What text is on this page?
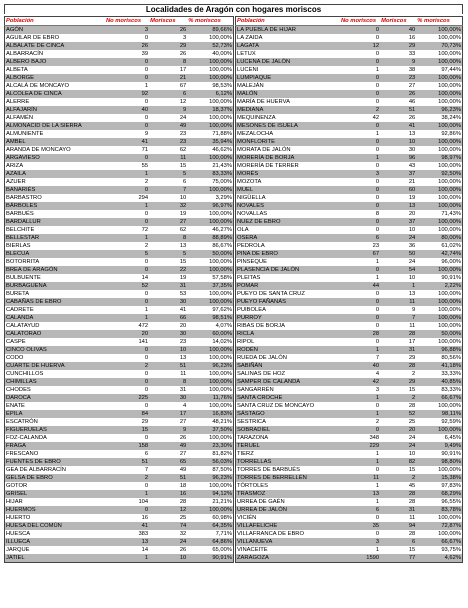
Localidades de Aragón con hogares moriscos
Población	No moriscos	Moriscos	% moriscos
AGÓN	3	26	89,66%
AGUILAR DE EBRO	0	3	100,00%
ALBALATE DE CINCA	26	29	52,73%
ALBARRACÍN	39	26	40,00%
ALBERO BAJO	0	8	100,00%
ALBETA	0	17	100,00%
ALBORGE	0	21	100,00%
ALCALÁ DE MONCAYO	1	67	98,53%
ALCOLEA DE CINCA	92	6	6,12%
ALERRE	0	12	100,00%
ALFAJARÍN	40	9	18,37%
ALFAMÉN	0	24	100,00%
ALMONACID DE LA SIERRA	0	49	100,00%
ALMUNIENTE	9	23	71,88%
AMBEL	41	23	35,94%
ARANDA DE MONCAYO	71	62	46,62%
ARGAVIESO	0	11	100,00%
ARIZA	55	15	21,43%
AZAILA	1	5	83,33%
AZUER	2	6	75,00%
BANARIÉS	0	7	100,00%
BARBASTRO	294	10	3,29%
BÁRBOLES	1	32	96,97%
BARBUÉS	0	19	100,00%
BARDALLUR	0	27	100,00%
BELCHITE	72	62	46,27%
BELLESTAR	1	8	88,89%
BIERLAS	2	13	86,67%
BLECUA	5	5	50,00%
BOTORRITA	0	15	100,00%
BREA DE ARAGÓN	0	22	100,00%
BULBUENTE	14	19	57,58%
BURBAGUENA	52	31	37,35%
BURETA	0	53	100,00%
CABAÑAS DE EBRO	0	30	100,00%
CADRETE	1	41	97,62%
CALANDA	1	66	98,51%
CALATAYUD	472	20	4,07%
CALATORAO	20	30	60,00%
CASPE	141	23	14,02%
CINCO OLIVAS	0	10	100,00%
CODO	0	13	100,00%
CUARTE DE HUERVA	2	51	96,23%
CUNCHILLOS	0	11	100,00%
CHIMILLAS	0	8	100,00%
CHODES	0	31	100,00%
DAROCA	225	30	11,76%
ENATE	0	4	100,00%
ÉPILA	84	17	16,83%
ESCATRÓN	29	27	48,21%
FIGUERUELAS	15	9	37,50%
FOZ-CALANDA	0	26	100,00%
FRAGA	158	49	23,30%
FRESCANO	6	27	81,82%
FUENTES DE EBRO	51	65	56,03%
GEA DE ALBARRACÍN	7	49	87,50%
GELSA DE EBRO	2	51	96,23%
GOTOR	0	18	100,00%
GRISEL	1	16	94,12%
HIJAR	104	28	21,21%
HUERMOS	0	12	100,00%
HUERTO	16	25	60,98%
HUESA DEL COMÚN	41	74	64,35%
HUESCA	383	32	7,71%
ILLUECA	13	24	64,86%
JARQUE	14	26	65,00%
JATIEL	1	10	90,91%
Población	No moriscos	Moriscos	% moriscos
LA PUEBLA DE HIJAR	0	40	100,00%
LA ZAIDA	0	16	100,00%
LAGATA	12	29	70,73%
LETUX	0	33	100,00%
LUCENA DE JALÓN	0	9	100,00%
LUCENI	1	38	97,44%
LUMPIAQUE	0	23	100,00%
MALEJÁN	0	27	100,00%
MALÓN	0	26	100,00%
MARÍA DE HUERVA	0	46	100,00%
MEDIANA	2	51	96,23%
MEQUINENZA	42	26	38,24%
MESONES DE ISUELA	0	41	100,00%
MEZALOCHA	1	13	92,86%
MONFLORITE	0	10	100,00%
MORATA DE JALÓN	0	30	100,00%
MORERÍA DE BORJA	1	96	98,97%
MORERÍA DE TERRER	0	43	100,00%
MORÉS	3	37	92,50%
MOZOTA	0	21	100,00%
MUEL	0	60	100,00%
NIGÜELLA	0	19	100,00%
NOVALES	0	13	100,00%
NOVALLAS	8	20	71,43%
NUEZ DE EBRO	0	37	100,00%
OLA	0	10	100,00%
OSERA	6	24	80,00%
PEDROLA	23	36	61,02%
PINA DE EBRO	67	50	42,74%
PINSEQUE	1	24	96,00%
PLASENCIA DE JALÓN	0	54	100,00%
PLEITAS	1	10	90,91%
POMAR	44	1	2,22%
PUEYO DE SANTA CRUZ	0	13	100,00%
PUEYO FAÑANÁS	0	11	100,00%
PUIBOLEA	0	9	100,00%
PURROY	0	7	100,00%
RIBAS DE BORJA	0	11	100,00%
RICLA	28	28	50,00%
RIPOL	0	17	100,00%
RODÉN	1	31	96,88%
RUEDA DE JALÓN	7	29	80,56%
SABIÑÁN	40	28	41,18%
SALINAS DE HOZ	4	2	33,33%
SAMPER DE CALANDA	42	29	40,85%
SANGARRÉN	3	15	83,33%
SANTA CROCHE	1	2	66,67%
SANTA CRUZ DE MONCAYO	0	28	100,00%
SÁSTAGO	1	52	98,11%
SESTRICA	2	25	92,59%
SOBRADIEL	0	20	100,00%
TARAZONA	348	24	6,45%
TERUEL	229	24	9,49%
TIERZ	1	10	90,91%
TORRELLAS	1	82	98,80%
TORRES DE BARBUÉS	0	15	100,00%
TORRES DE BERRELLÉN	11	2	15,38%
TÓRTOLES	1	45	97,83%
TRASMOZ	13	28	68,29%
URREA DE GAÉN	1	28	96,55%
URREA DE JALÓN	6	31	83,78%
VICIÉN	0	11	100,00%
VILLAFELICHE	35	94	72,87%
VILLAFRANCA DE EBRO	0	28	100,00%
VILLANUEVA	3	6	66,67%
VINACEITE	1	15	93,75%
ZARAGOZA	1590	77	4,62%
